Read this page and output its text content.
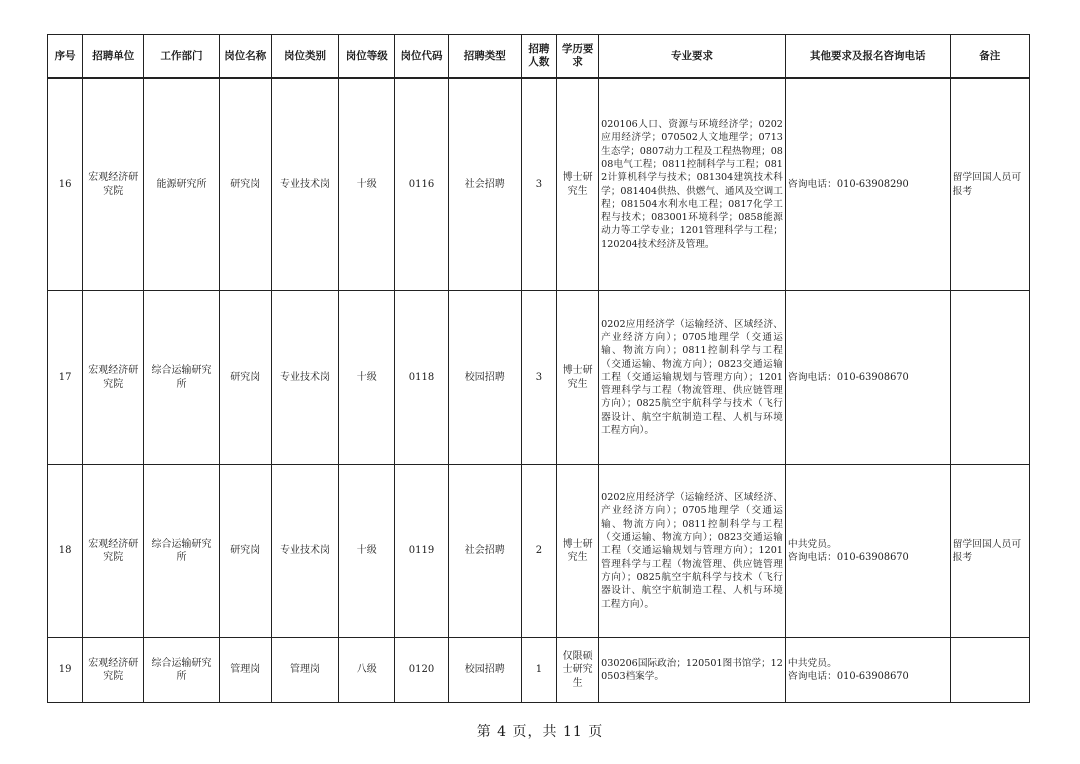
序号	招聘单位	工作部门	岗位名称	岗位类别	岗位等级	岗位代码	招聘类型	招聘人数	学历要求	专业要求	其他要求及报名咨询电话	备注
16	宏观经济研究院	能源研究所	研究岗	专业技术岗	十级	0116	社会招聘	3	博士研究生	020106人口、资源与环境经济学；0202应用经济学；070502人文地理学；0713生态学；0807动力工程及工程热物理；0808电气工程；0811控制科学与工程；0812计算机科学与技术；081304建筑技术科学；081404供热、供燃气、通风及空调工程；081504水利水电工程；0817化学工程与技术；083001环境科学；0858能源动力等工学专业；1201管理科学与工程；120204技术经济及管理。	咨询电话：010-63908290	留学回国人员可报考
17	宏观经济研究院	综合运输研究所	研究岗	专业技术岗	十级	0118	校园招聘	3	博士研究生	0202应用经济学（运输经济、区域经济、产业经济方向）；0705地理学（交通运输、物流方向）；0811控制科学与工程（交通运输、物流方向）；0823交通运输工程（交通运输规划与管理方向）；1201管理科学与工程（物流管理、供应链管理方向）；0825航空宇航科学与技术（飞行器设计、航空宇航制造工程、人机与环境工程方向）。	咨询电话：010-63908670	

18	宏观经济研究院	综合运输研究所	研究岗	专业技术岗	十级	0119	社会招聘	2	博士研究生	0202应用经济学（运输经济、区域经济、产业经济方向）；0705地理学（交通运输、物流方向）；0811控制科学与工程（交通运输、物流方向）；0823交通运输工程（交通运输规划与管理方向）；1201管理科学与工程（物流管理、供应链管理方向）；0825航空宇航科学与技术（飞行器设计、航空宇航制造工程、人机与环境工程方向）。	中共党员。
咨询电话：010-63908670	留学回国人员可报考
19	宏观经济研究院	综合运输研究所	管理岗	管理岗	八级	0120	校园招聘	1	仅限硕士研究生	030206国际政治；120501图书馆学；120503档案学。	中共党员。
咨询电话：010-63908670	

第 4 页，共 11 页
